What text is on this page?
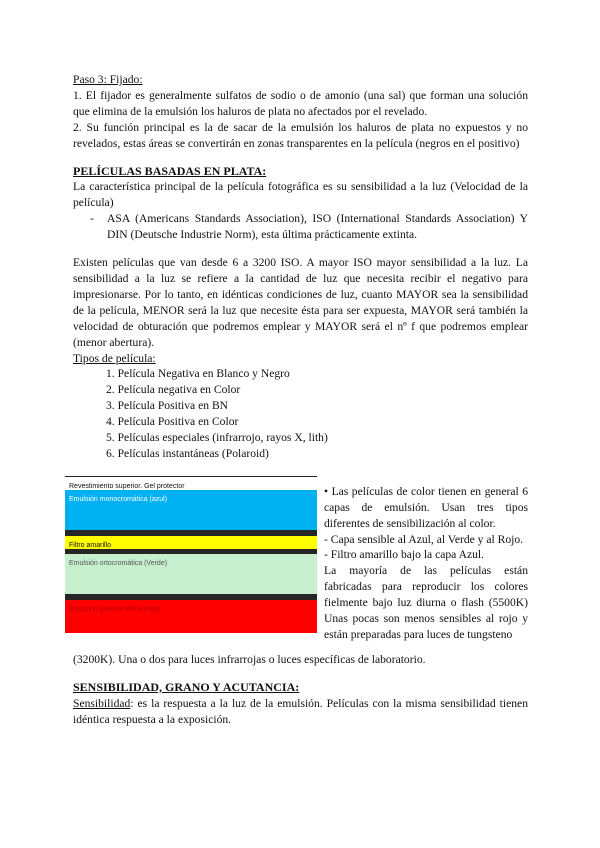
Paso 3: Fijado:

1. El fijador es generalmente sulfatos de sodio o de amonio (una sal) que forman una solución que elimina de la emulsión los haluros de plata no afectados por el revelado.

2. Su función principal es la de sacar de la emulsión los haluros de plata no expuestos y no revelados, estas áreas se convertirán en zonas transparentes en la película (negros en el positivo)

PELÍCULAS BASADAS EN PLATA:

La característica principal de la película fotográfica es su sensibilidad a la luz (Velocidad de la película)

-	ASA (Americans Standards Association), ISO (International Standards Association) Y DIN (Deutsche Industrie Norm), esta última prácticamente extinta.

Existen películas que van desde 6 a 3200 ISO. A mayor ISO mayor sensibilidad a la luz. La sensibilidad a la luz se refiere a la cantidad de luz que necesita recibir el negativo para impresionarse. Por lo tanto, en idénticas condiciones de luz, cuanto MAYOR sea la sensibilidad de la película, MENOR será la luz que necesite ésta para ser expuesta, MAYOR será también la velocidad de obturación que podremos emplear y MAYOR será el nº f que podremos emplear (menor abertura).

Tipos de película:

1. Película Negativa en Blanco y Negro
2. Película negativa en Color
3. Película Positiva en BN
4. Película Positiva en Color
5. Películas especiales (infrarrojo, rayos X, lith)
6. Películas instantáneas (Polaroid)
Revestimiento superior. Gel protector
Emulsión monocromática (azul)
Filtro amarillo
Emulsión ortocromática (Verde)
Emulsión pancromática (rojo)

• Las películas de color tienen en general 6 capas de emulsión. Usan tres tipos diferentes de sensibilización al color.

- Capa sensible al Azul, al Verde y al Rojo.

- Filtro amarillo bajo la capa Azul.

La mayoría de las películas están fabricadas para reproducir los colores fielmente bajo luz diurna o flash (5500K) Unas pocas son menos sensibles al rojo y están preparadas para luces de tungsteno

(3200K). Una o dos para luces infrarrojas o luces específicas de laboratorio.

SENSIBILIDAD, GRANO Y ACUTANCIA:

Sensibilidad: es la respuesta a la luz de la emulsión. Películas con la misma sensibilidad tienen idéntica respuesta a la exposición.
